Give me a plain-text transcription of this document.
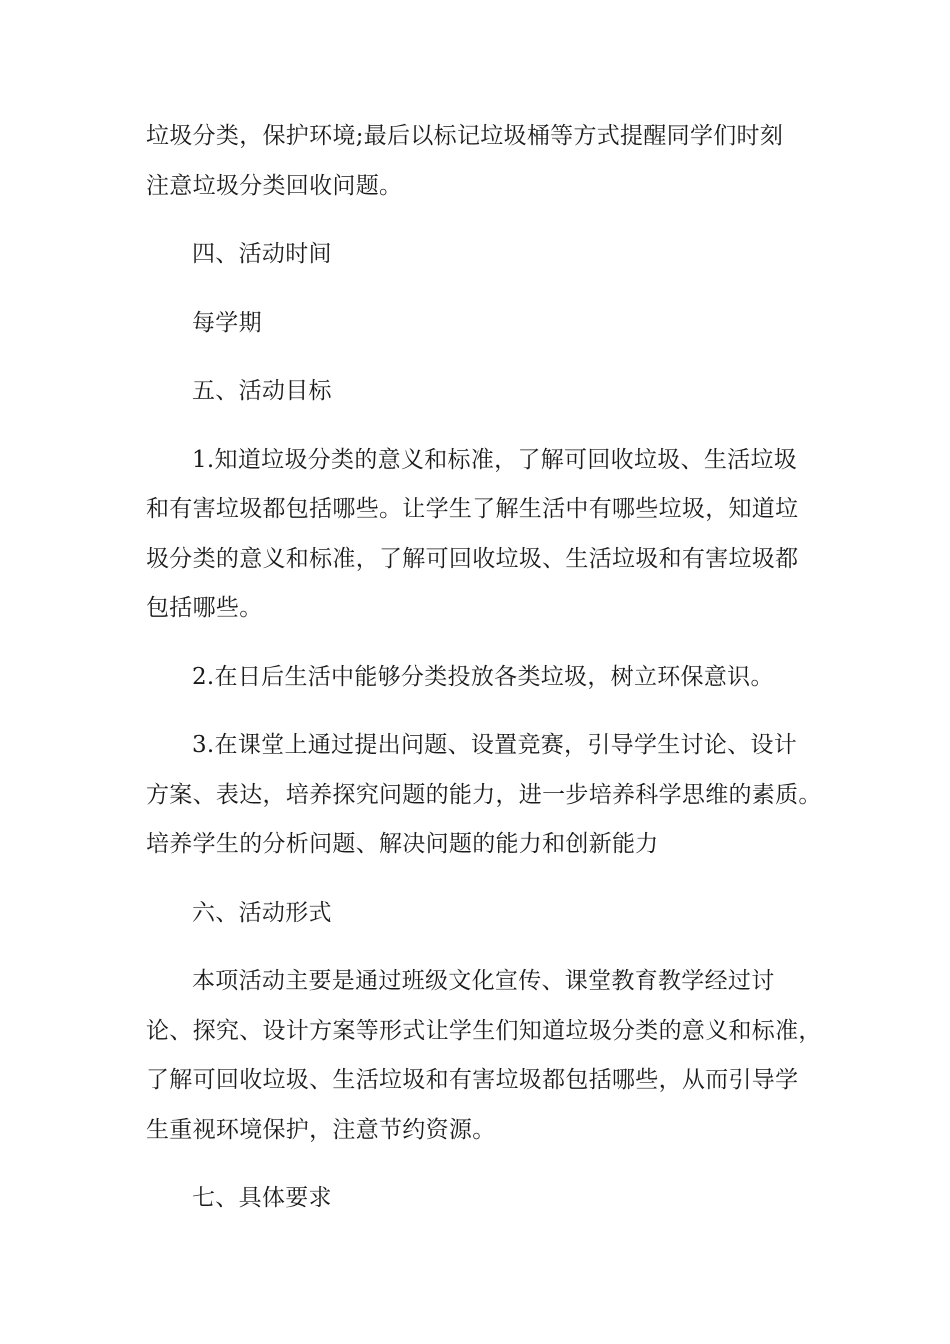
垃圾分类，保护环境;最后以标记垃圾桶等方式提醒同学们时刻
注意垃圾分类回收问题。

四、活动时间

每学期

五、活动目标

1.知道垃圾分类的意义和标准，了解可回收垃圾、生活垃圾
和有害垃圾都包括哪些。让学生了解生活中有哪些垃圾，知道垃
圾分类的意义和标准，了解可回收垃圾、生活垃圾和有害垃圾都
包括哪些。

2.在日后生活中能够分类投放各类垃圾，树立环保意识。

3.在课堂上通过提出问题、设置竞赛，引导学生讨论、设计
方案、表达，培养探究问题的能力，进一步培养科学思维的素质。
培养学生的分析问题、解决问题的能力和创新能力

六、活动形式

本项活动主要是通过班级文化宣传、课堂教育教学经过讨
论、探究、设计方案等形式让学生们知道垃圾分类的意义和标准，
了解可回收垃圾、生活垃圾和有害垃圾都包括哪些，从而引导学
生重视环境保护，注意节约资源。

七、具体要求
